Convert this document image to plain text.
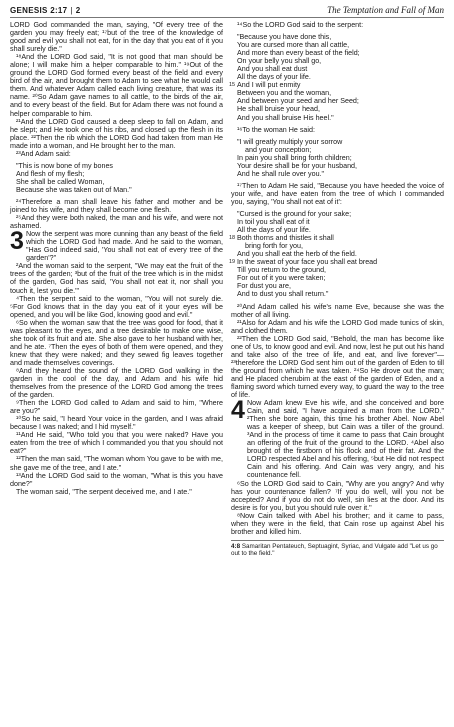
GENESIS 2:17 | 2	The Temptation and Fall of Man

LORD God commanded the man, saying, "Of every tree of the garden you may freely eat; ¹⁷but of the tree of the knowledge of good and evil you shall not eat, for in the day that you eat of it you shall surely die."

¹⁸And the LORD God said, "It is not good that man should be alone; I will make him a helper comparable to him." ¹⁹Out of the ground the LORD God formed every beast of the field and every bird of the air, and brought them to Adam to see what he would call them. And whatever Adam called each living creature, that was its name. ²⁰So Adam gave names to all cattle, to the birds of the air, and to every beast of the field. But for Adam there was not found a helper comparable to him.

²¹And the LORD God caused a deep sleep to fall on Adam, and he slept; and He took one of his ribs, and closed up the flesh in its place. ²²Then the rib which the LORD God had taken from man He made into a woman, and He brought her to the man.

²³And Adam said:

"This is now bone of my bones
And flesh of my flesh;
She shall be called Woman,
Because she was taken out of Man."

²⁴Therefore a man shall leave his father and mother and be joined to his wife, and they shall become one flesh.

²⁵And they were both naked, the man and his wife, and were not ashamed.

3 Now the serpent was more cunning than any beast of the field which the LORD God had made. And he said to the woman, "Has God indeed said, 'You shall not eat of every tree of the garden'?"

²And the woman said to the serpent, "We may eat the fruit of the trees of the garden; ³but of the fruit of the tree which is in the midst of the garden, God has said, 'You shall not eat it, nor shall you touch it, lest you die.'"

⁴Then the serpent said to the woman, "You will not surely die. ⁵For God knows that in the day you eat of it your eyes will be opened, and you will be like God, knowing good and evil."

⁶So when the woman saw that the tree was good for food, that it was pleasant to the eyes, and a tree desirable to make one wise, she took of its fruit and ate. She also gave to her husband with her, and he ate. ⁷Then the eyes of both of them were opened, and they knew that they were naked; and they sewed fig leaves together and made themselves coverings.

⁸And they heard the sound of the LORD God walking in the garden in the cool of the day, and Adam and his wife hid themselves from the presence of the LORD God among the trees of the garden.

⁹Then the LORD God called to Adam and said to him, "Where are you?"

¹⁰So he said, "I heard Your voice in the garden, and I was afraid because I was naked; and I hid myself."

¹¹And He said, "Who told you that you were naked? Have you eaten from the tree of which I commanded you that you should not eat?"

¹²Then the man said, "The woman whom You gave to be with me, she gave me of the tree, and I ate."

¹³And the LORD God said to the woman, "What is this you have done?"

The woman said, "The serpent deceived me, and I ate."

¹⁴So the LORD God said to the serpent:

"Because you have done this,
You are cursed more than all cattle,
And more than every beast of the field;
On your belly you shall go,
And you shall eat dust
All the days of your life.
15 And I will put enmity
Between you and the woman,
And between your seed and her Seed;
He shall bruise your head,
And you shall bruise His heel."

¹⁶To the woman He said:

"I will greatly multiply your sorrow
and your conception;
In pain you shall bring forth children;
Your desire shall be for your husband,
And he shall rule over you."

¹⁷Then to Adam He said, "Because you have heeded the voice of your wife, and have eaten from the tree of which I commanded you, saying, 'You shall not eat of it':

"Cursed is the ground for your sake;
In toil you shall eat of it
All the days of your life.
18 Both thorns and thistles it shall
bring forth for you,
And you shall eat the herb of the field.
19 In the sweat of your face you shall eat bread
Till you return to the ground,
For out of it you were taken;
For dust you are,
And to dust you shall return."

²⁰And Adam called his wife's name Eve, because she was the mother of all living.

²¹Also for Adam and his wife the LORD God made tunics of skin, and clothed them.

²²Then the LORD God said, "Behold, the man has become like one of Us, to know good and evil. And now, lest he put out his hand and take also of the tree of life, and eat, and live forever"— ²³therefore the LORD God sent him out of the garden of Eden to till the ground from which he was taken. ²⁴So He drove out the man; and He placed cherubim at the east of the garden of Eden, and a flaming sword which turned every way, to guard the way to the tree of life.

4 Now Adam knew Eve his wife, and she conceived and bore Cain, and said, "I have acquired a man from the LORD." ²Then she bore again, this time his brother Abel. Now Abel was a keeper of sheep, but Cain was a tiller of the ground. ³And in the process of time it came to pass that Cain brought an offering of the fruit of the ground to the LORD. ⁴Abel also brought of the firstborn of his flock and of their fat. And the LORD respected Abel and his offering, ⁵but He did not respect Cain and his offering. And Cain was very angry, and his countenance fell.

⁶So the LORD God said to Cain, "Why are you angry? And why has your countenance fallen? ⁷If you do well, will you not be accepted? And if you do not do well, sin lies at the door. And its desire is for you, but you should rule over it."

⁸Now Cain talked with Abel his brother; and it came to pass, when they were in the field, that Cain rose up against Abel his brother and killed him.

4:8 Samaritan Pentateuch, Septuagint, Syriac, and Vulgate add "Let us go out to the field."
